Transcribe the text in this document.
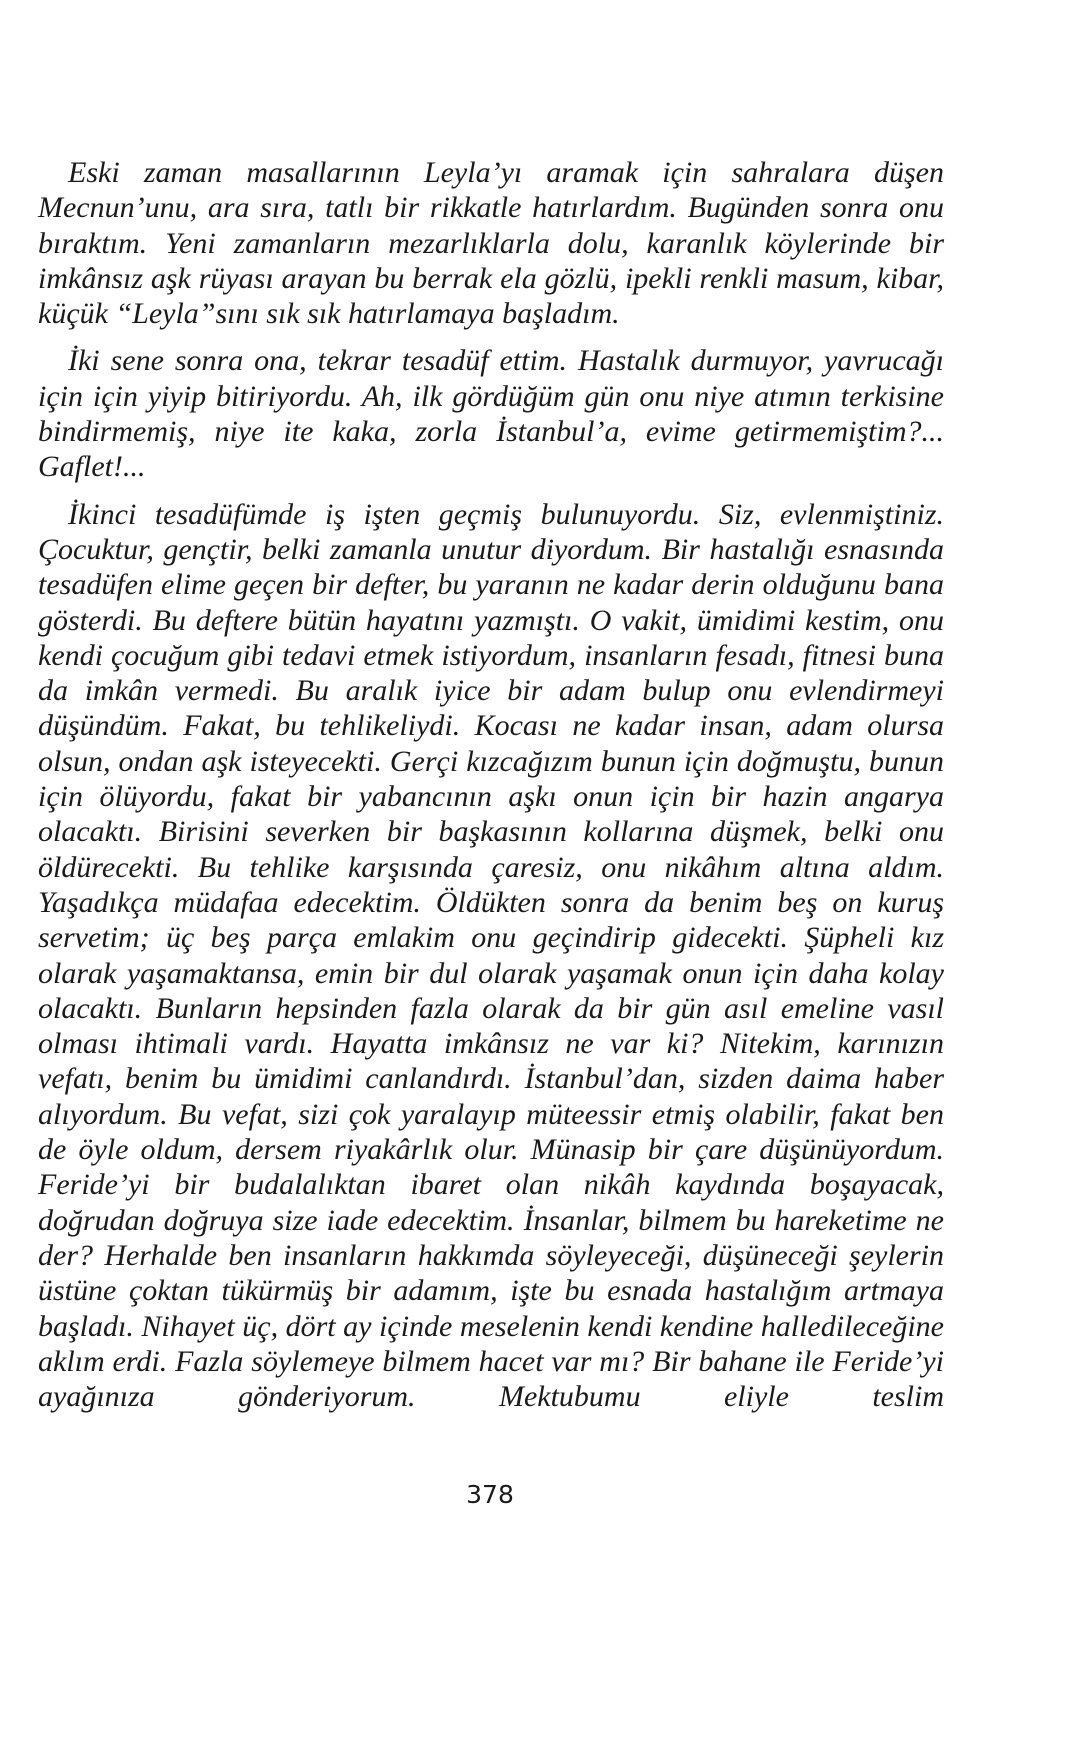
Eski zaman masallarının Leyla’yı aramak için sahralara düşen Mecnun’unu, ara sıra, tatlı bir rikkatle hatırlardım. Bugünden sonra onu bıraktım. Yeni zamanların mezarlıklarla dolu, karanlık köylerinde bir imkânsız aşk rüyası arayan bu berrak ela gözlü, ipekli renkli masum, kibar, küçük “Leyla”sını sık sık hatırlamaya başladım.

İki sene sonra ona, tekrar tesadüf ettim. Hastalık durmuyor, yavrucağı için için yiyip bitiriyordu. Ah, ilk gördüğüm gün onu niye atımın terkisine bindirmemiş, niye ite kaka, zorla İstanbul’a, evime getirmemiştim?... Gaflet!...

İkinci tesadüfümde iş işten geçmiş bulunuyordu. Siz, evlenmiştiniz. Çocuktur, gençtir, belki zamanla unutur diyordum. Bir hastalığı esnasında tesadüfen elime geçen bir defter, bu yaranın ne kadar derin olduğunu bana gösterdi. Bu deftere bütün hayatını yazmıştı. O vakit, ümidimi kestim, onu kendi çocuğum gibi tedavi etmek istiyordum, insanların fesadı, fitnesi buna da imkân vermedi. Bu aralık iyice bir adam bulup onu evlendirmeyi düşündüm. Fakat, bu tehlikeliydi. Kocası ne kadar insan, adam olursa olsun, ondan aşk isteyecekti. Gerçi kızcağızım bunun için doğmuştu, bunun için ölüyordu, fakat bir yabancının aşkı onun için bir hazin angarya olacaktı. Birisini severken bir başkasının kollarına düşmek, belki onu öldürecekti. Bu tehlike karşısında çaresiz, onu nikâhım altına aldım. Yaşadıkça müdafaa edecektim. Öldükten sonra da benim beş on kuruş servetim; üç beş parça emlakim onu geçindirip gidecekti. Şüpheli kız olarak yaşamaktansa, emin bir dul olarak yaşamak onun için daha kolay olacaktı. Bunların hepsinden fazla olarak da bir gün asıl emeline vasıl olması ihtimali vardı. Hayatta imkânsız ne var ki? Nitekim, karınızın vefatı, benim bu ümidimi canlandırdı. İstanbul’dan, sizden daima haber alıyordum. Bu vefat, sizi çok yaralayıp müteessir etmiş olabilir, fakat ben de öyle oldum, dersem riyakârlık olur. Münasip bir çare düşünüyordum. Feride’yi bir budalalıktan ibaret olan nikâh kaydında boşayacak, doğrudan doğruya size iade edecektim. İnsanlar, bilmem bu hareketime ne der? Herhalde ben insanların hakkımda söyleyeceği, düşüneceği şeylerin üstüne çoktan tükürmüş bir adamım, işte bu esnada hastalığım artmaya başladı. Nihayet üç, dört ay içinde meselenin kendi kendine halledileceğine aklım erdi. Fazla söylemeye bilmem hacet var mı? Bir bahane ile Feride’yi ayağınıza gönderiyorum. Mektubumu eliyle teslim

378
